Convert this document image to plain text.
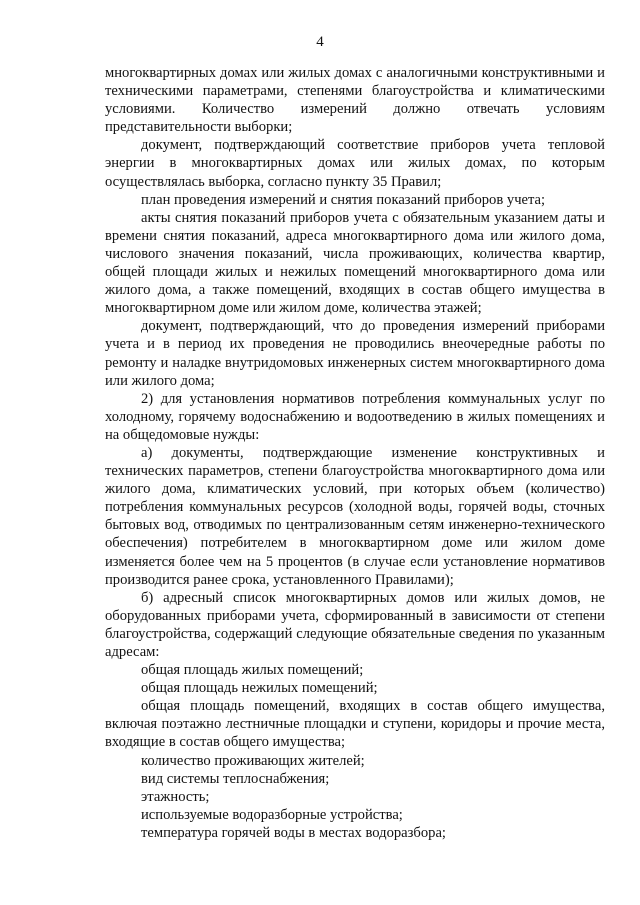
4

многоквартирных домах или жилых домах с аналогичными конструктивными и техническими параметрами, степенями благоустройства и климатическими условиями. Количество измерений должно отвечать условиям представительности выборки;

документ, подтверждающий соответствие приборов учета тепловой энергии в многоквартирных домах или жилых домах, по которым осуществлялась выборка, согласно пункту 35 Правил;

план проведения измерений и снятия показаний приборов учета;

акты снятия показаний приборов учета с обязательным указанием даты и времени снятия показаний, адреса многоквартирного дома или жилого дома, числового значения показаний, числа проживающих, количества квартир, общей площади жилых и нежилых помещений многоквартирного дома или жилого дома, а также помещений, входящих в состав общего имущества в многоквартирном доме или жилом доме, количества этажей;

документ, подтверждающий, что до проведения измерений приборами учета и в период их проведения не проводились внеочередные работы по ремонту и наладке внутридомовых инженерных систем многоквартирного дома или жилого дома;

2) для установления нормативов потребления коммунальных услуг по холодному, горячему водоснабжению и водоотведению в жилых помещениях и на общедомовые нужды:

а) документы, подтверждающие изменение конструктивных и технических параметров, степени благоустройства многоквартирного дома или жилого дома, климатических условий, при которых объем (количество) потребления коммунальных ресурсов (холодной воды, горячей воды, сточных бытовых вод, отводимых по централизованным сетям инженерно-технического обеспечения) потребителем в многоквартирном доме или жилом доме изменяется более чем на 5 процентов (в случае если установление нормативов производится ранее срока, установленного Правилами);

б) адресный список многоквартирных домов или жилых домов, не оборудованных приборами учета, сформированный в зависимости от степени благоустройства, содержащий следующие обязательные сведения по указанным адресам:

общая площадь жилых помещений;

общая площадь нежилых помещений;

общая площадь помещений, входящих в состав общего имущества, включая поэтажно лестничные площадки и ступени, коридоры и прочие места, входящие в состав общего имущества;

количество проживающих жителей;

вид системы теплоснабжения;

этажность;

используемые водоразборные устройства;

температура горячей воды в местах водоразбора;
